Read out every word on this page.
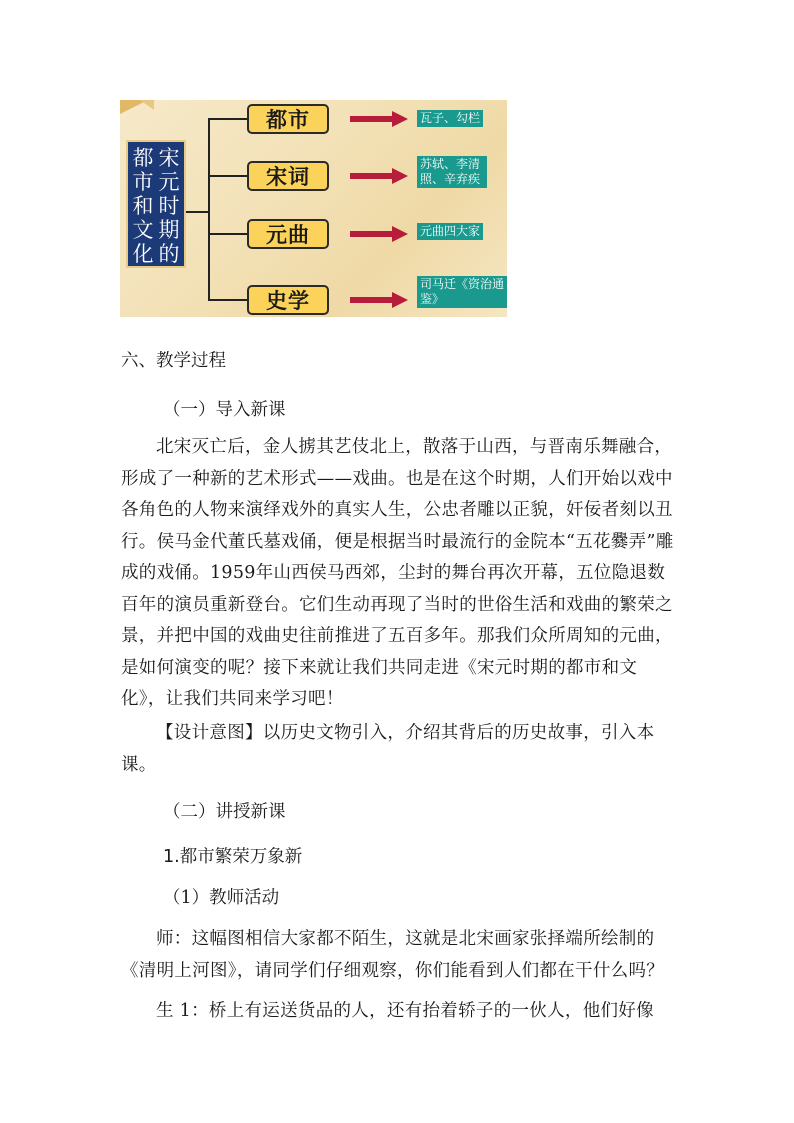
宋
元
时
期
的
都
市
和
文
化
都市
宋词
元曲
史学
瓦子、勾栏
苏轼、李清照、辛弃疾
元曲四大家
司马迁《资治通鉴》

六、教学过程

（一）导入新课

北宋灭亡后，金人掳其艺伎北上，散落于山西，与晋南乐舞融合，形成了一种新的艺术形式——戏曲。也是在这个时期，人们开始以戏中各角色的人物来演绎戏外的真实人生，公忠者雕以正貌，奸佞者刻以丑行。侯马金代董氏墓戏俑，便是根据当时最流行的金院本“五花爨弄”雕成的戏俑。1959年山西侯马西郊，尘封的舞台再次开幕，五位隐退数百年的演员重新登台。它们生动再现了当时的世俗生活和戏曲的繁荣之景，并把中国的戏曲史往前推进了五百多年。那我们众所周知的元曲，是如何演变的呢？接下来就让我们共同走进《宋元时期的都市和文化》，让我们共同来学习吧！

【设计意图】以历史文物引入，介绍其背后的历史故事，引入本课。

（二）讲授新课

1.都市繁荣万象新

（1）教师活动

师：这幅图相信大家都不陌生，这就是北宋画家张择端所绘制的《清明上河图》，请同学们仔细观察，你们能看到人们都在干什么吗？

生 1：桥上有运送货品的人，还有抬着轿子的一伙人，他们好像
